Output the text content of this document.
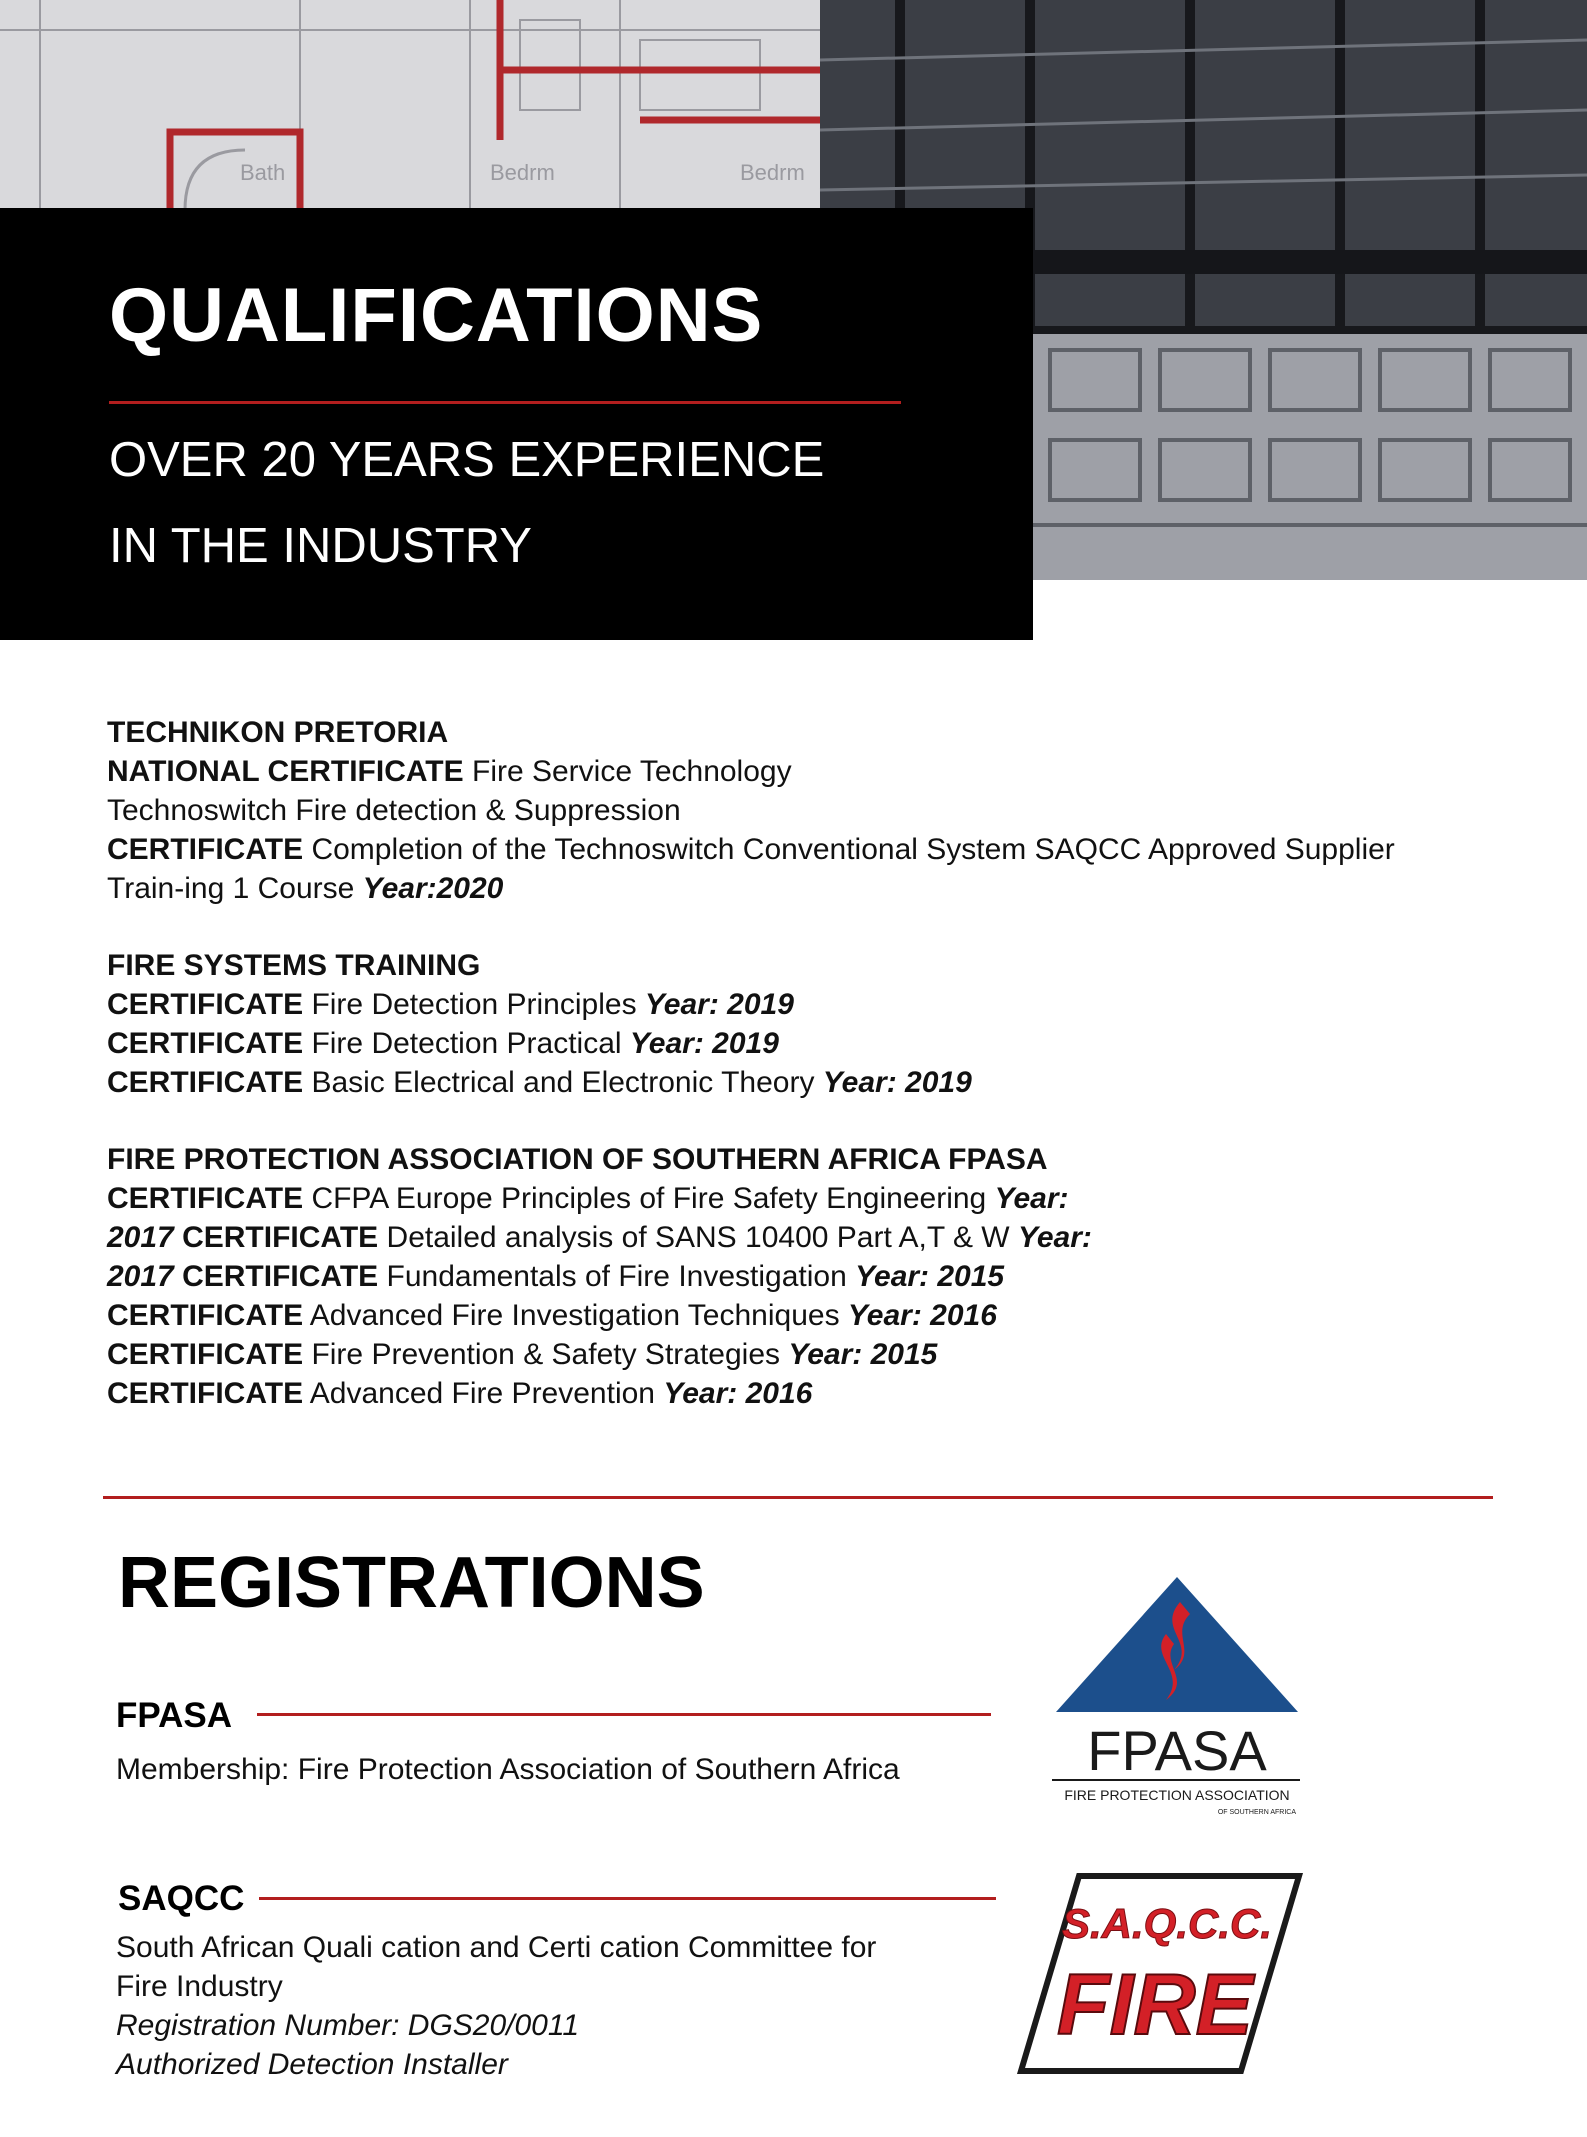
Bath	Bedrm	Bedrm
QUALIFICATIONS

OVER 20 YEARS EXPERIENCE

IN THE INDUSTRY

TECHNIKON PRETORIA
NATIONAL CERTIFICATE Fire Service Technology
Technoswitch Fire detection & Suppression
CERTIFICATE Completion of the Technoswitch Conventional System SAQCC Approved Supplier
Train-ing 1 Course Year:2020
FIRE SYSTEMS TRAINING
CERTIFICATE Fire Detection Principles Year: 2019
CERTIFICATE Fire Detection Practical Year: 2019
CERTIFICATE Basic Electrical and Electronic Theory Year: 2019
FIRE PROTECTION ASSOCIATION OF SOUTHERN AFRICA FPASA
CERTIFICATE CFPA Europe Principles of Fire Safety Engineering Year:
2017 CERTIFICATE Detailed analysis of SANS 10400 Part A,T & W Year:
2017 CERTIFICATE Fundamentals of Fire Investigation Year: 2015
CERTIFICATE Advanced Fire Investigation Techniques Year: 2016
CERTIFICATE Fire Prevention & Safety Strategies Year: 2015
CERTIFICATE Advanced Fire Prevention Year: 2016
REGISTRATIONS
FPASA
Membership: Fire Protection Association of Southern Africa
SAQCC
South African Quali cation and Certi cation Committee for
Fire Industry
Registration Number: DGS20/0011
Authorized Detection Installer
FPASA
FIRE PROTECTION ASSOCIATION
OF SOUTHERN AFRICA
S.A.Q.C.C.
FIRE
